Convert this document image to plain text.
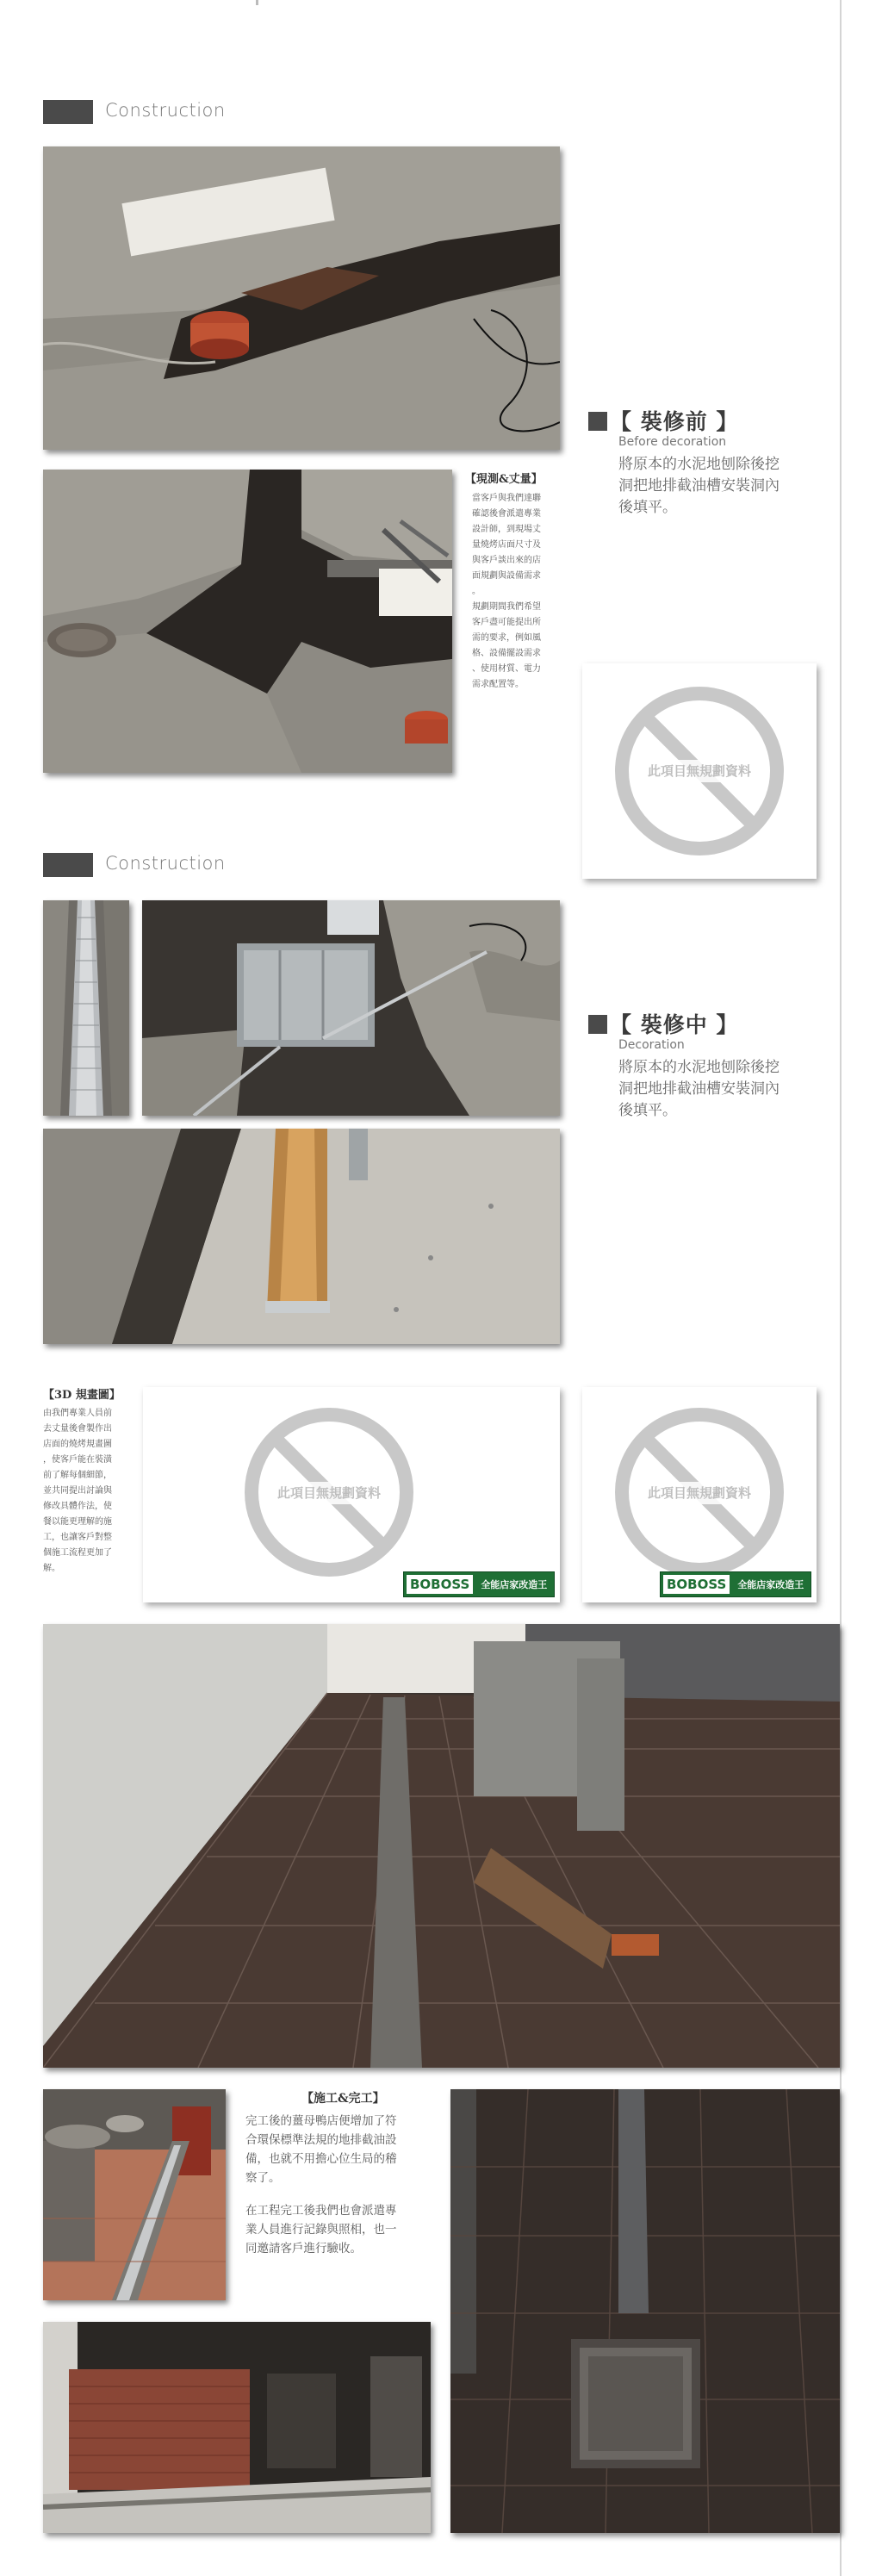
Construction
【 裝修前 】
Before decoration
將原本的水泥地刨除後挖
洞把地排截油槽安裝洞內
後填平。
【現測&丈量】
當客戶與我們達聯
確認後會派遣專業
設計師，到現場丈
量燒烤店面尺寸及
與客戶談出來的店
面規劃與設備需求
。
規劃期間我們希望
客戶盡可能提出所
需的要求，例如風
格、設備擺設需求
、使用材質、電力
需求配置等。
此項目無規劃資料
Construction
【 裝修中 】
Decoration
將原本的水泥地刨除後挖
洞把地排截油槽安裝洞內
後填平。
【3D 規畫圖】
由我們專業人員前
去丈量後會製作出
店面的燒烤規畫圖
，使客戶能在裝潢
前了解每個細節，
並共同提出討論與
修改具體作法，使
餐以能更理解的施
工，也讓客戶對整
個施工流程更加了
解。
此項目無規劃資料
BOBOSS	全能店家改造王
此項目無規劃資料
BOBOSS	全能店家改造王
【施工&完工】
完工後的薑母鴨店便增加了符
合環保標準法規的地排截油設
備，也就不用擔心位生局的稽
察了。
在工程完工後我們也會派遣專
業人員進行記錄與照相，也一
同邀請客戶進行驗收。
